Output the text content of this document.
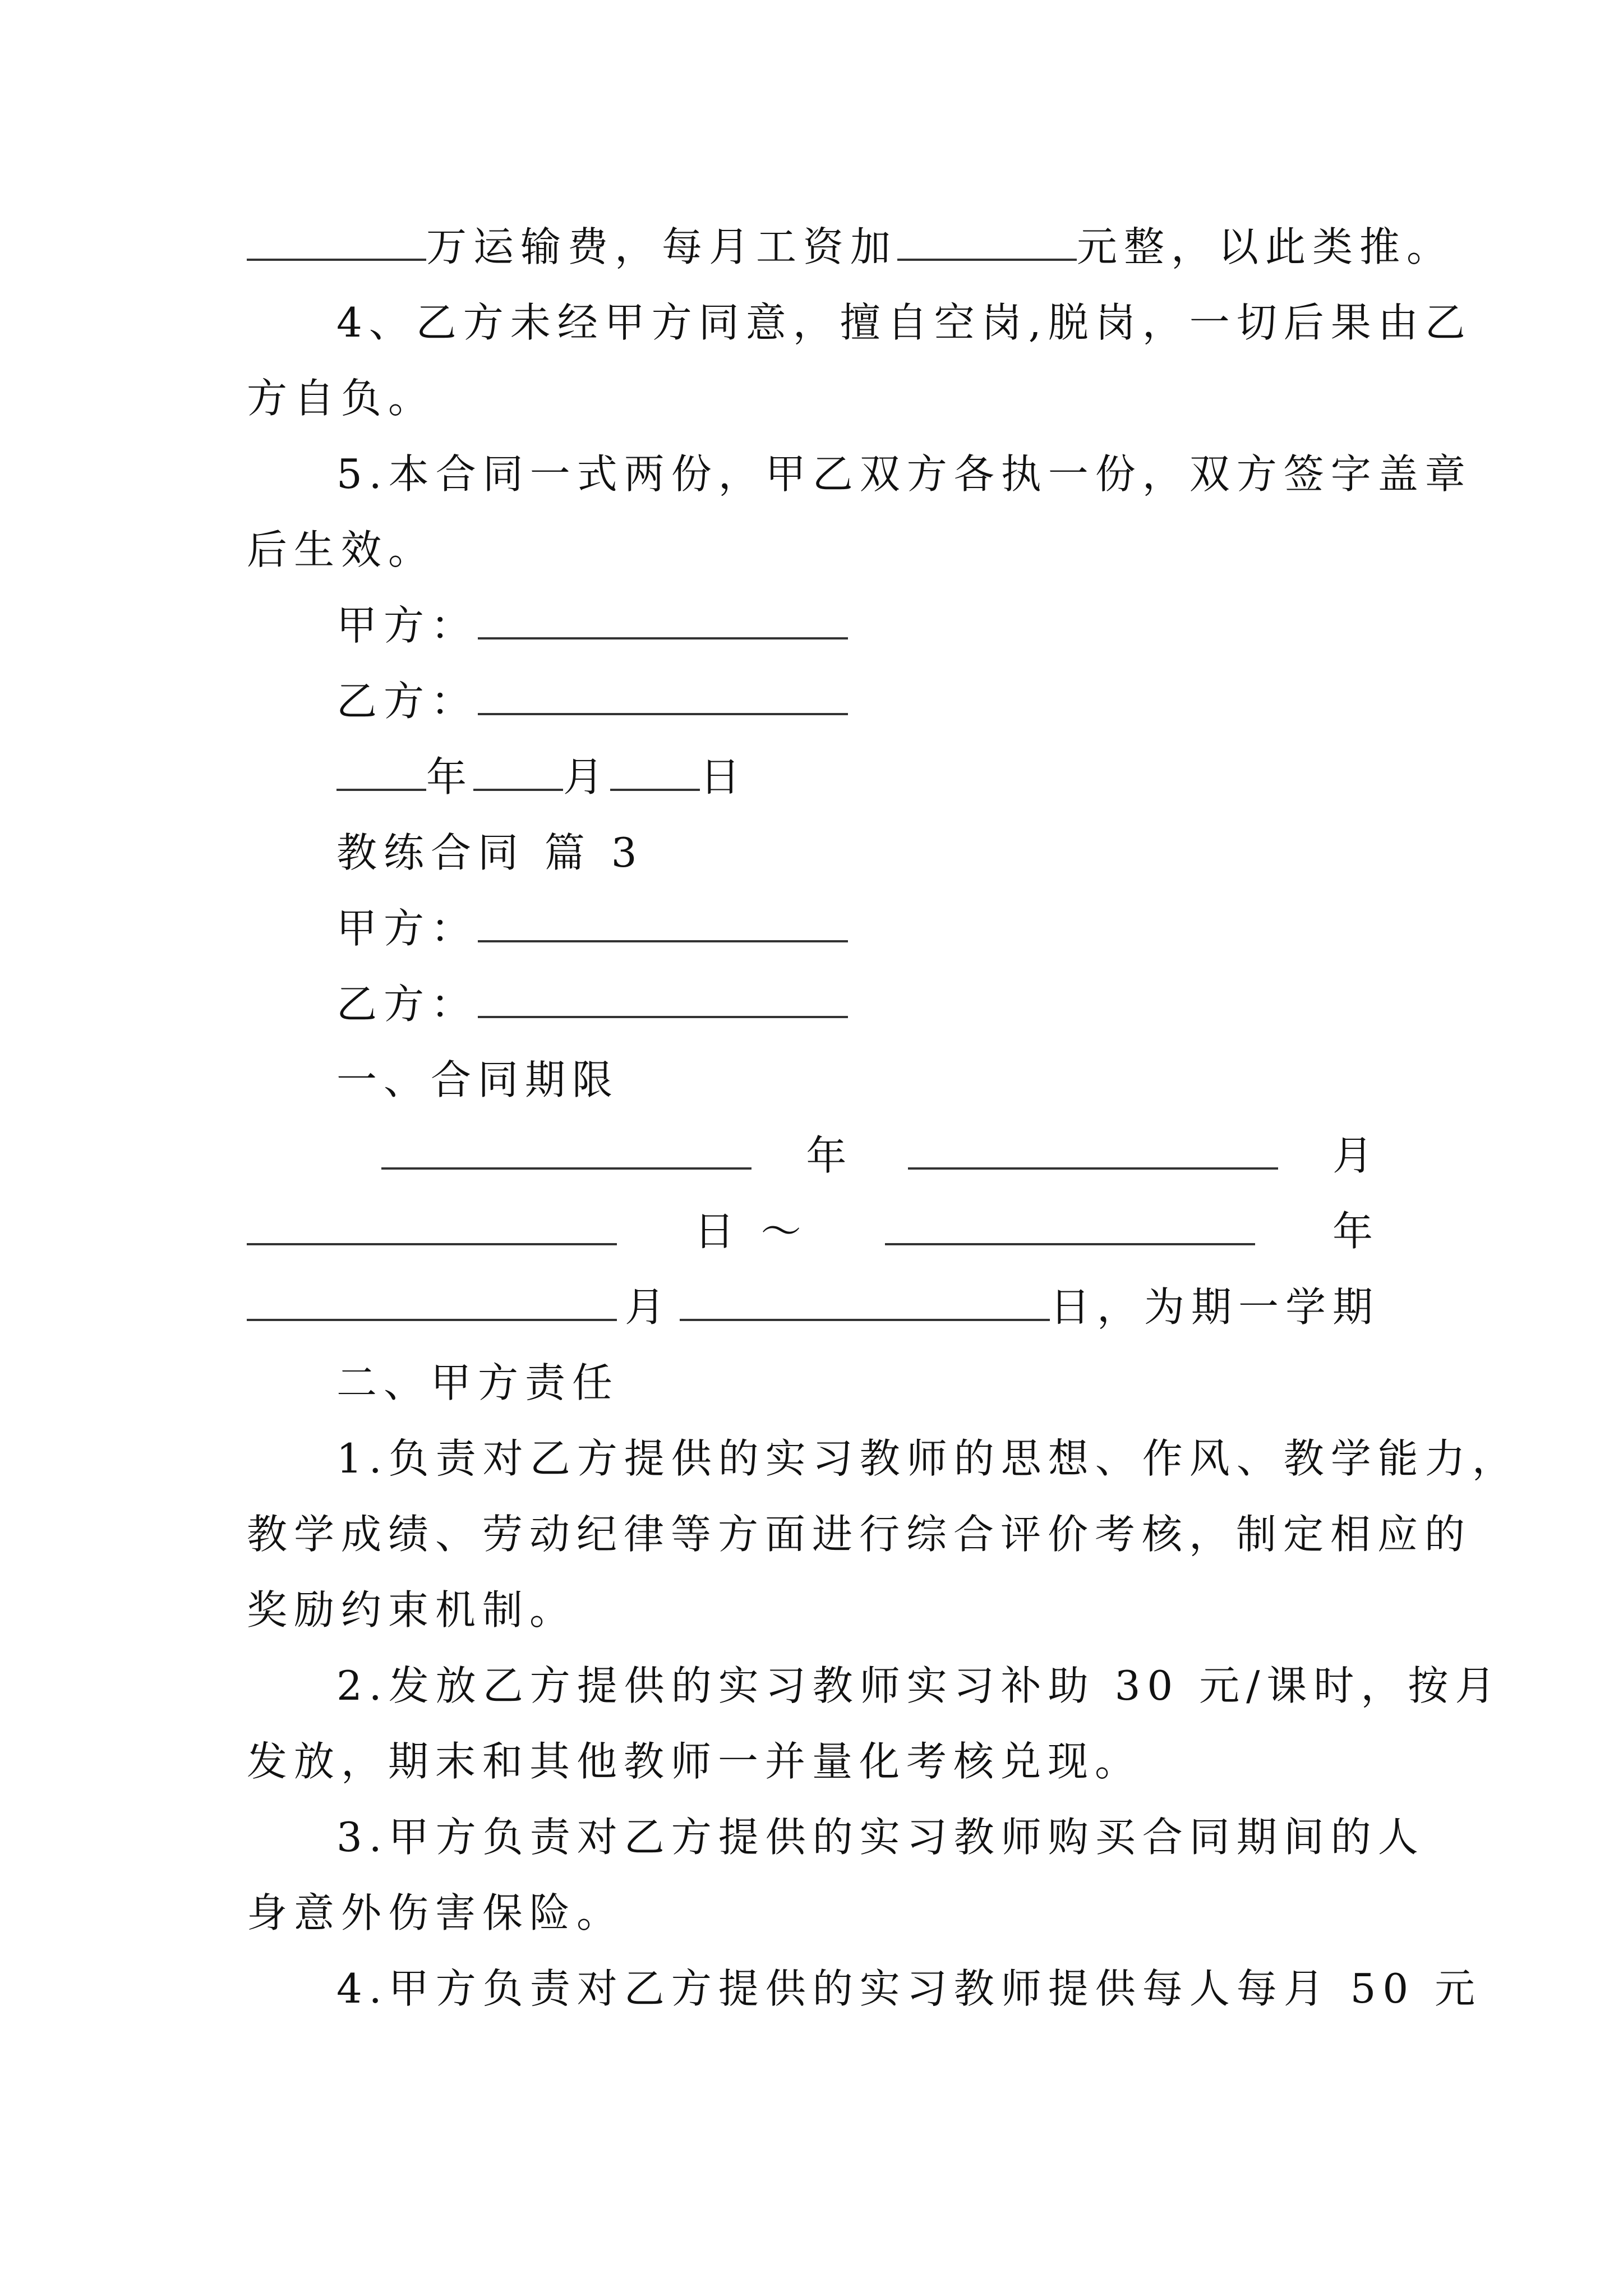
万运输费，每月工资加	元整，以此类推。
4、乙方未经甲方同意，擅自空岗,脱岗，一切后果由乙
方自负。
5.本合同一式两份，甲乙双方各执一份，双方签字盖章
后生效。
甲方：
乙方：
年 月 日
教练合同 篇 3
甲方：
乙方：
一、合同期限
年	月
日 ～	年
月	日，为期一学期
二、甲方责任
1.负责对乙方提供的实习教师的思想、作风、教学能力，
教学成绩、劳动纪律等方面进行综合评价考核，制定相应的
奖励约束机制。
2.发放乙方提供的实习教师实习补助 30 元/课时，按月
发放，期末和其他教师一并量化考核兑现。
3.甲方负责对乙方提供的实习教师购买合同期间的人
身意外伤害保险。
4.甲方负责对乙方提供的实习教师提供每人每月 50 元
